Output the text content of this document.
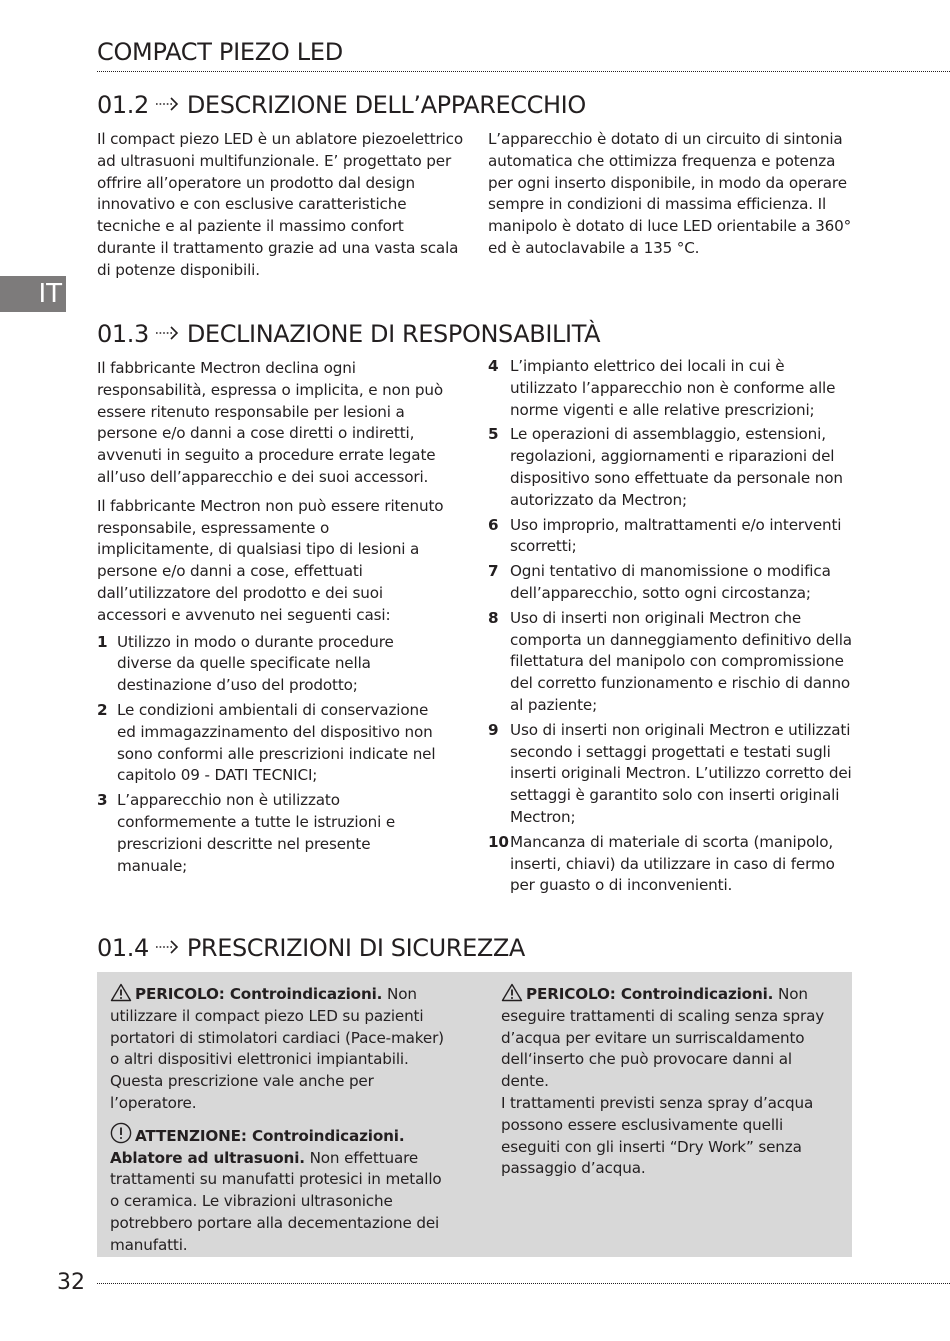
COMPACT PIEZO LED
IT
01.2 DESCRIZIONE DELL’APPARECCHIO

Il compact piezo LED è un ablatore piezoelettrico ad ultrasuoni multifunzionale. E’ progettato per offrire all’operatore un prodotto dal design innovativo e con esclusive caratteristiche tecniche e al paziente il massimo confort durante il trattamento grazie ad una vasta scala di potenze disponibili.

L’apparecchio è dotato di un circuito di sintonia automatica che ottimizza frequenza e potenza per ogni inserto disponibile, in modo da operare sempre in condizioni di massima efficienza. Il manipolo è dotato di luce LED orientabile a 360° ed è autoclavabile a 135 °C.

01.3 DECLINAZIONE DI RESPONSABILITÀ

Il fabbricante Mectron declina ogni responsabilità, espressa o implicita, e non può essere ritenuto responsabile per lesioni a persone e/o danni a cose diretti o indiretti, avvenuti in seguito a procedure errate legate all’uso dell’apparecchio e dei suoi accessori.

Il fabbricante Mectron non può essere ritenuto responsabile, espressamente o implicitamente, di qualsiasi tipo di lesioni a persone e/o danni a cose, effettuati dall’utilizzatore del prodotto e dei suoi accessori e avvenuto nei seguenti casi:

1 Utilizzo in modo o durante procedure diverse da quelle specificate nella destinazione d’uso del prodotto;
2 Le condizioni ambientali di conservazione ed immagazzinamento del dispositivo non sono conformi alle prescrizioni indicate nel capitolo 09 - DATI TECNICI;
3 L’apparecchio non è utilizzato conformemente a tutte le istruzioni e prescrizioni descritte nel presente manuale;
4 L’impianto elettrico dei locali in cui è utilizzato l’apparecchio non è conforme alle norme vigenti e alle relative prescrizioni;
5 Le operazioni di assemblaggio, estensioni, regolazioni, aggiornamenti e riparazioni del dispositivo sono effettuate da personale non autorizzato da Mectron;
6 Uso improprio, maltrattamenti e/o interventi scorretti;
7 Ogni tentativo di manomissione o modifica dell’apparecchio, sotto ogni circostanza;
8 Uso di inserti non originali Mectron che comporta un danneggiamento definitivo della filettatura del manipolo con compromissione del corretto funzionamento e rischio di danno al paziente;
9 Uso di inserti non originali Mectron e utilizzati secondo i settaggi progettati e testati sugli inserti originali Mectron. L’utilizzo corretto dei settaggi è garantito solo con inserti originali Mectron;
10 Mancanza di materiale di scorta (manipolo, inserti, chiavi) da utilizzare in caso di fermo per guasto o di inconvenienti.
01.4 PRESCRIZIONI DI SICUREZZA

PERICOLO: Controindicazioni. Non utilizzare il compact piezo LED su pazienti portatori di stimolatori cardiaci (Pace-maker) o altri dispositivi elettronici impiantabili. Questa prescrizione vale anche per l’operatore.

ATTENZIONE: Controindicazioni. Ablatore ad ultrasuoni. Non effettuare trattamenti su manufatti protesici in metallo o ceramica. Le vibrazioni ultrasoniche potrebbero portare alla decementazione dei manufatti.

PERICOLO: Controindicazioni. Non eseguire trattamenti di scaling senza spray d’acqua per evitare un surriscaldamento dell‘inserto che può provocare danni al dente.

I trattamenti previsti senza spray d’acqua possono essere esclusivamente quelli eseguiti con gli inserti “Dry Work” senza passaggio d’acqua.

32
